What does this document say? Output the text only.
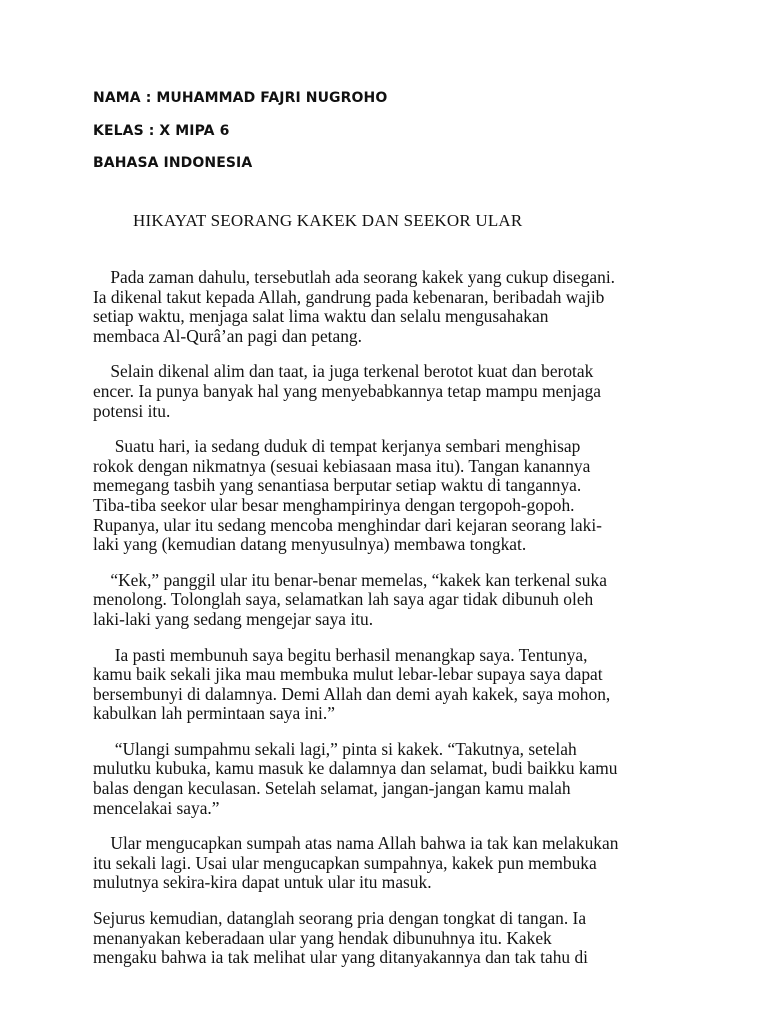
NAMA : MUHAMMAD FAJRI NUGROHO
KELAS : X MIPA 6
BAHASA INDONESIA
HIKAYAT SEORANG KAKEK DAN SEEKOR ULAR

Pada zaman dahulu, tersebutlah ada seorang kakek yang cukup disegani.
Ia dikenal takut kepada Allah, gandrung pada kebenaran, beribadah wajib
setiap waktu, menjaga salat lima waktu dan selalu mengusahakan
membaca Al-Qurâ’an pagi dan petang.

Selain dikenal alim dan taat, ia juga terkenal berotot kuat dan berotak
encer. Ia punya banyak hal yang menyebabkannya tetap mampu menjaga
potensi itu.

Suatu hari, ia sedang duduk di tempat kerjanya sembari menghisap
rokok dengan nikmatnya (sesuai kebiasaan masa itu). Tangan kanannya
memegang tasbih yang senantiasa berputar setiap waktu di tangannya.
Tiba-tiba seekor ular besar menghampirinya dengan tergopoh-gopoh.
Rupanya, ular itu sedang mencoba menghindar dari kejaran seorang laki-
laki yang (kemudian datang menyusulnya) membawa tongkat.

“Kek,” panggil ular itu benar-benar memelas, “kakek kan terkenal suka
menolong. Tolonglah saya, selamatkan lah saya agar tidak dibunuh oleh
laki-laki yang sedang mengejar saya itu.

Ia pasti membunuh saya begitu berhasil menangkap saya. Tentunya,
kamu baik sekali jika mau membuka mulut lebar-lebar supaya saya dapat
bersembunyi di dalamnya. Demi Allah dan demi ayah kakek, saya mohon,
kabulkan lah permintaan saya ini.”

“Ulangi sumpahmu sekali lagi,” pinta si kakek. “Takutnya, setelah
mulutku kubuka, kamu masuk ke dalamnya dan selamat, budi baikku kamu
balas dengan keculasan. Setelah selamat, jangan-jangan kamu malah
mencelakai saya.”

Ular mengucapkan sumpah atas nama Allah bahwa ia tak kan melakukan
itu sekali lagi. Usai ular mengucapkan sumpahnya, kakek pun membuka
mulutnya sekira-kira dapat untuk ular itu masuk.

Sejurus kemudian, datanglah seorang pria dengan tongkat di tangan. Ia
menanyakan keberadaan ular yang hendak dibunuhnya itu. Kakek
mengaku bahwa ia tak melihat ular yang ditanyakannya dan tak tahu di
